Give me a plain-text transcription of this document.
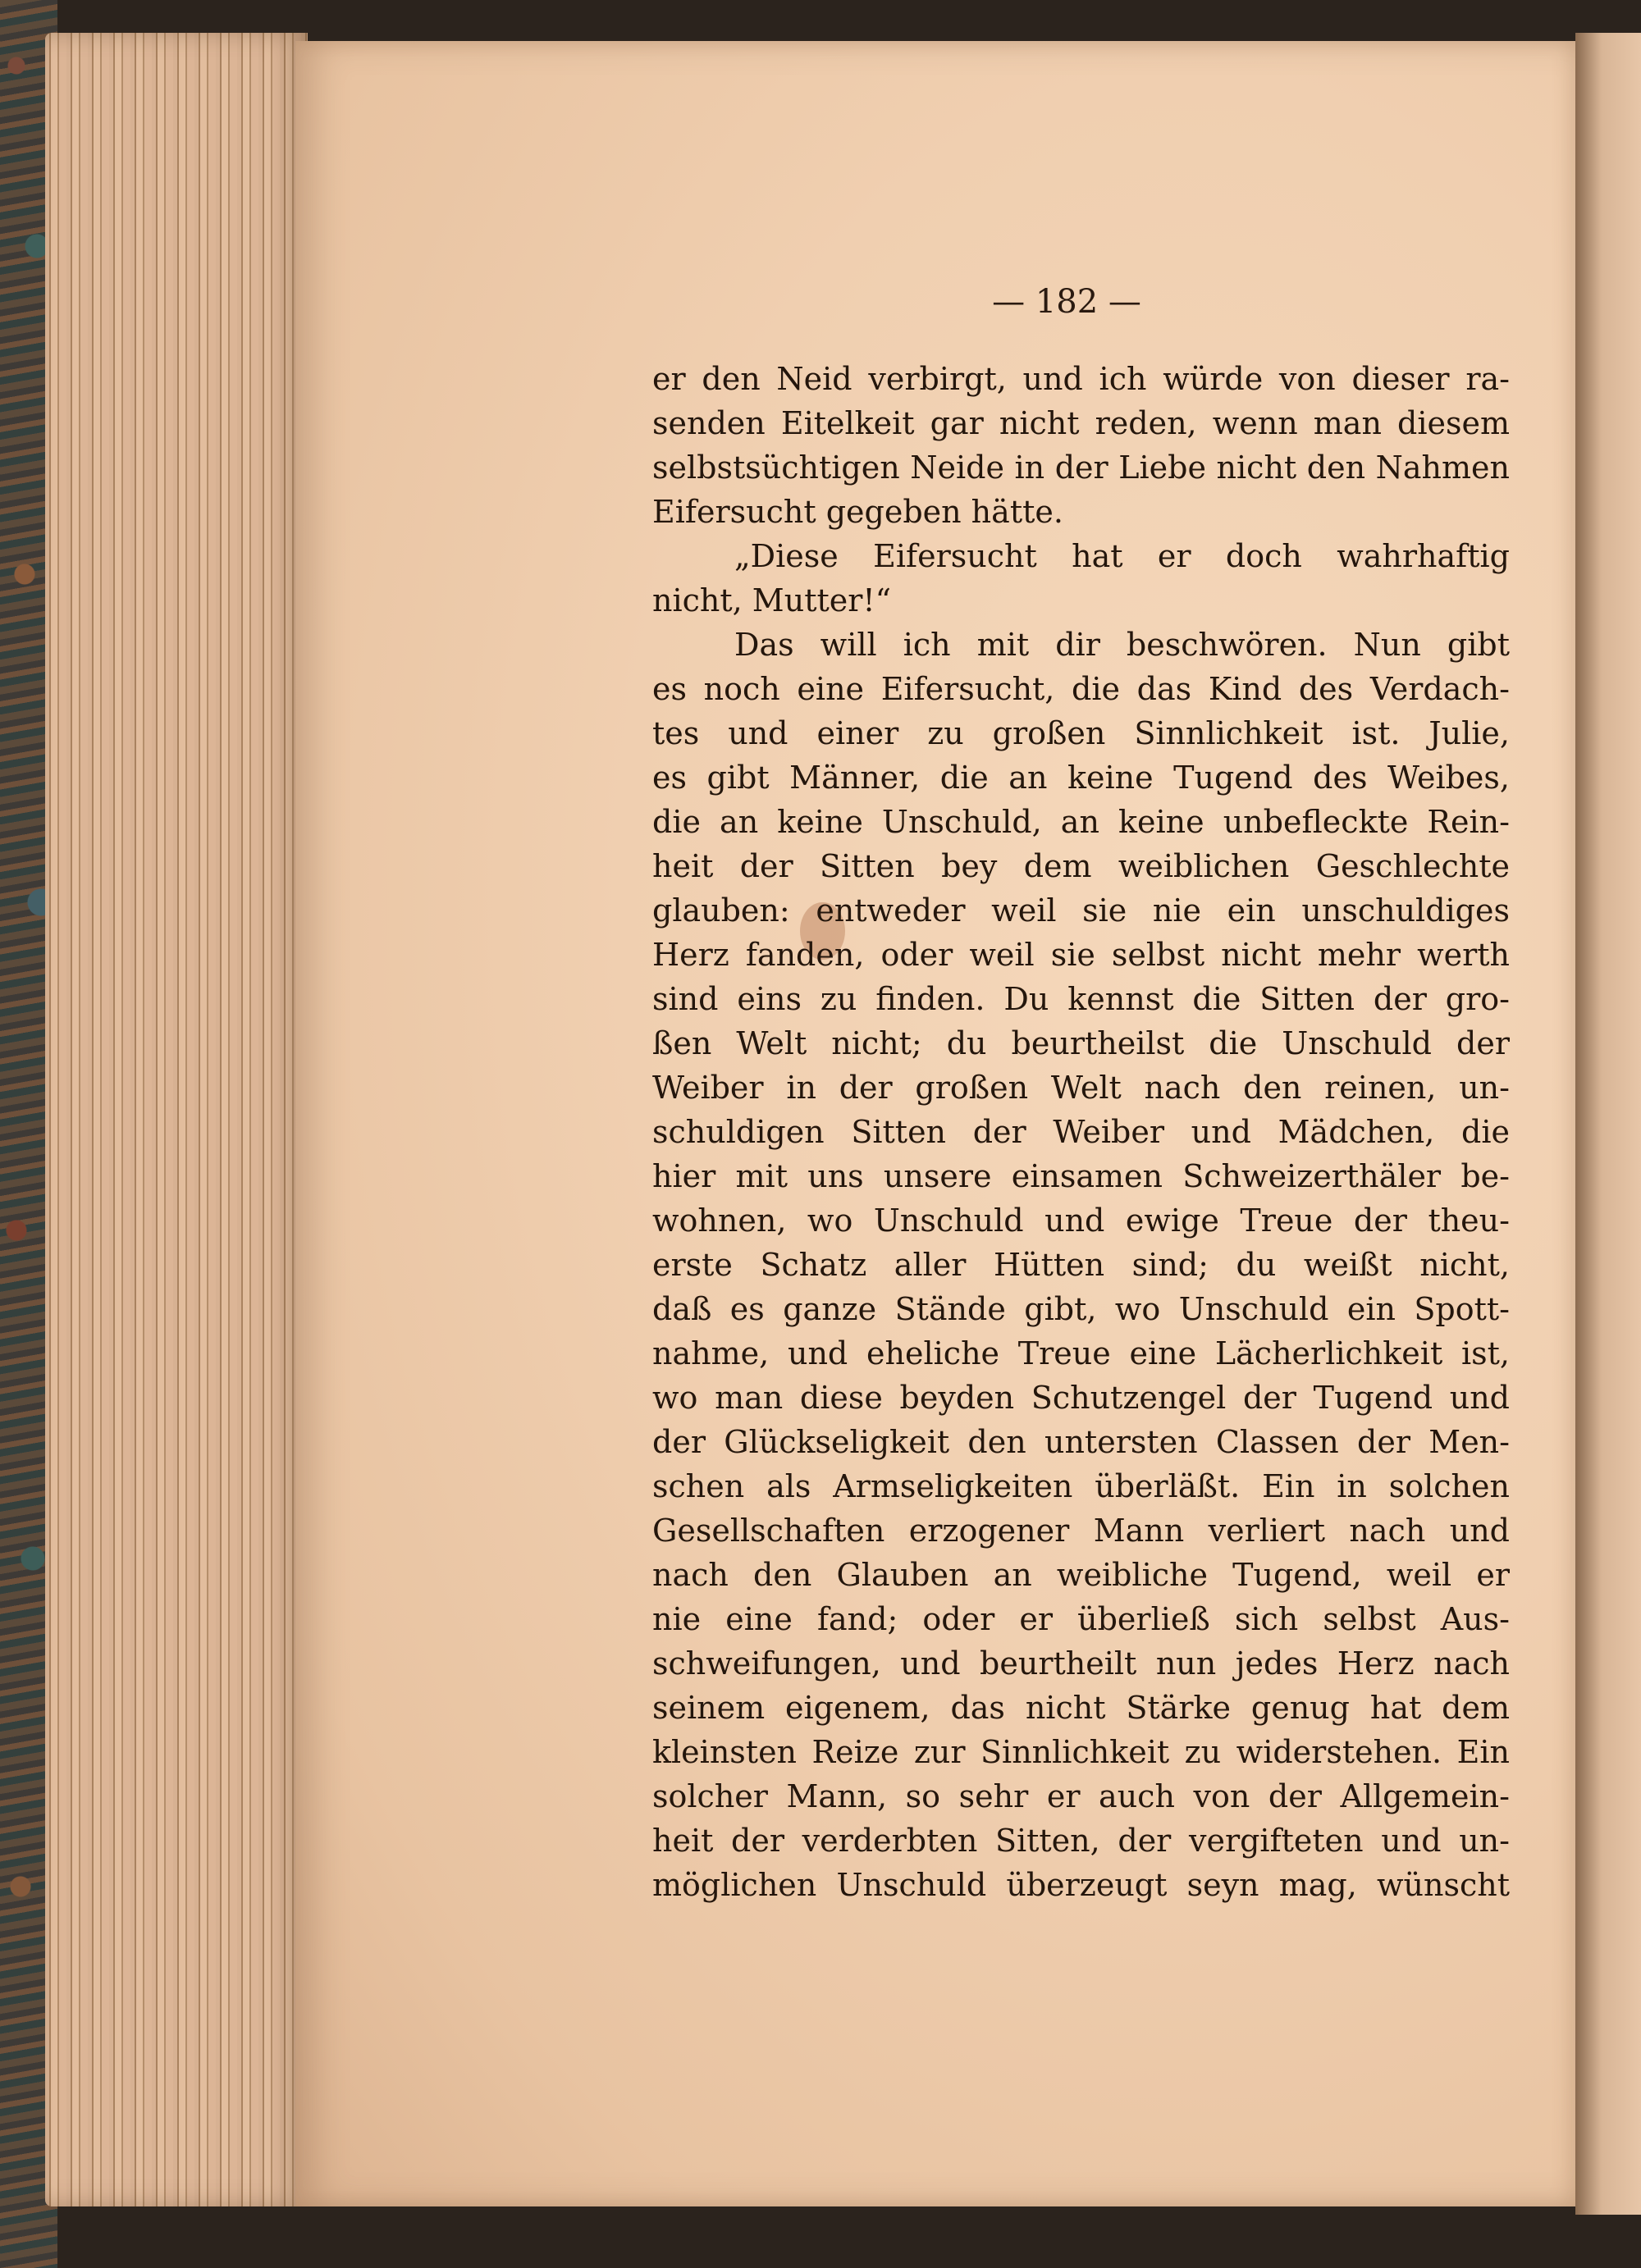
— 182 —
er den Neid verbirgt, und ich würde von dieser ra-
senden Eitelkeit gar nicht reden, wenn man diesem
selbstsüchtigen Neide in der Liebe nicht den Nahmen
Eifersucht gegeben hätte.
„Diese Eifersucht hat er doch wahrhaftig
nicht, Mutter!“
Das will ich mit dir beschwören. Nun gibt
es noch eine Eifersucht, die das Kind des Verdach-
tes und einer zu großen Sinnlichkeit ist. Julie,
es gibt Männer, die an keine Tugend des Weibes,
die an keine Unschuld, an keine unbefleckte Rein-
heit der Sitten bey dem weiblichen Geschlechte
glauben: entweder weil sie nie ein unschuldiges
Herz fanden, oder weil sie selbst nicht mehr werth
sind eins zu finden. Du kennst die Sitten der gro-
ßen Welt nicht; du beurtheilst die Unschuld der
Weiber in der großen Welt nach den reinen, un-
schuldigen Sitten der Weiber und Mädchen, die
hier mit uns unsere einsamen Schweizerthäler be-
wohnen, wo Unschuld und ewige Treue der theu-
erste Schatz aller Hütten sind; du weißt nicht,
daß es ganze Stände gibt, wo Unschuld ein Spott-
nahme, und eheliche Treue eine Lächerlichkeit ist,
wo man diese beyden Schutzengel der Tugend und
der Glückseligkeit den untersten Classen der Men-
schen als Armseligkeiten überläßt. Ein in solchen
Gesellschaften erzogener Mann verliert nach und
nach den Glauben an weibliche Tugend, weil er
nie eine fand; oder er überließ sich selbst Aus-
schweifungen, und beurtheilt nun jedes Herz nach
seinem eigenem, das nicht Stärke genug hat dem
kleinsten Reize zur Sinnlichkeit zu widerstehen. Ein
solcher Mann, so sehr er auch von der Allgemein-
heit der verderbten Sitten, der vergifteten und un-
möglichen Unschuld überzeugt seyn mag, wünscht
